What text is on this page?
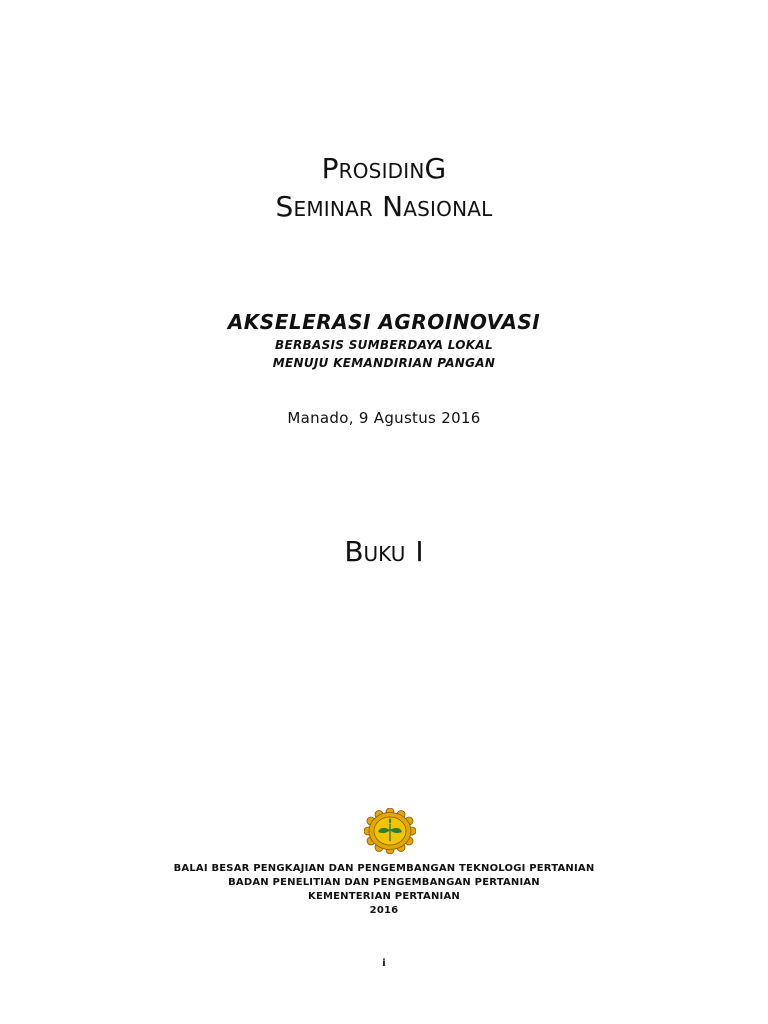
ProsidinG
Seminar Nasional
AKSELERASI AGROINOVASI
BERBASIS SUMBERDAYA LOKAL
MENUJU KEMANDIRIAN PANGAN
Manado, 9 Agustus 2016
Buku I
BALAI BESAR PENGKAJIAN DAN PENGEMBANGAN TEKNOLOGI PERTANIAN
BADAN PENELITIAN DAN PENGEMBANGAN PERTANIAN
KEMENTERIAN PERTANIAN
2016
i
